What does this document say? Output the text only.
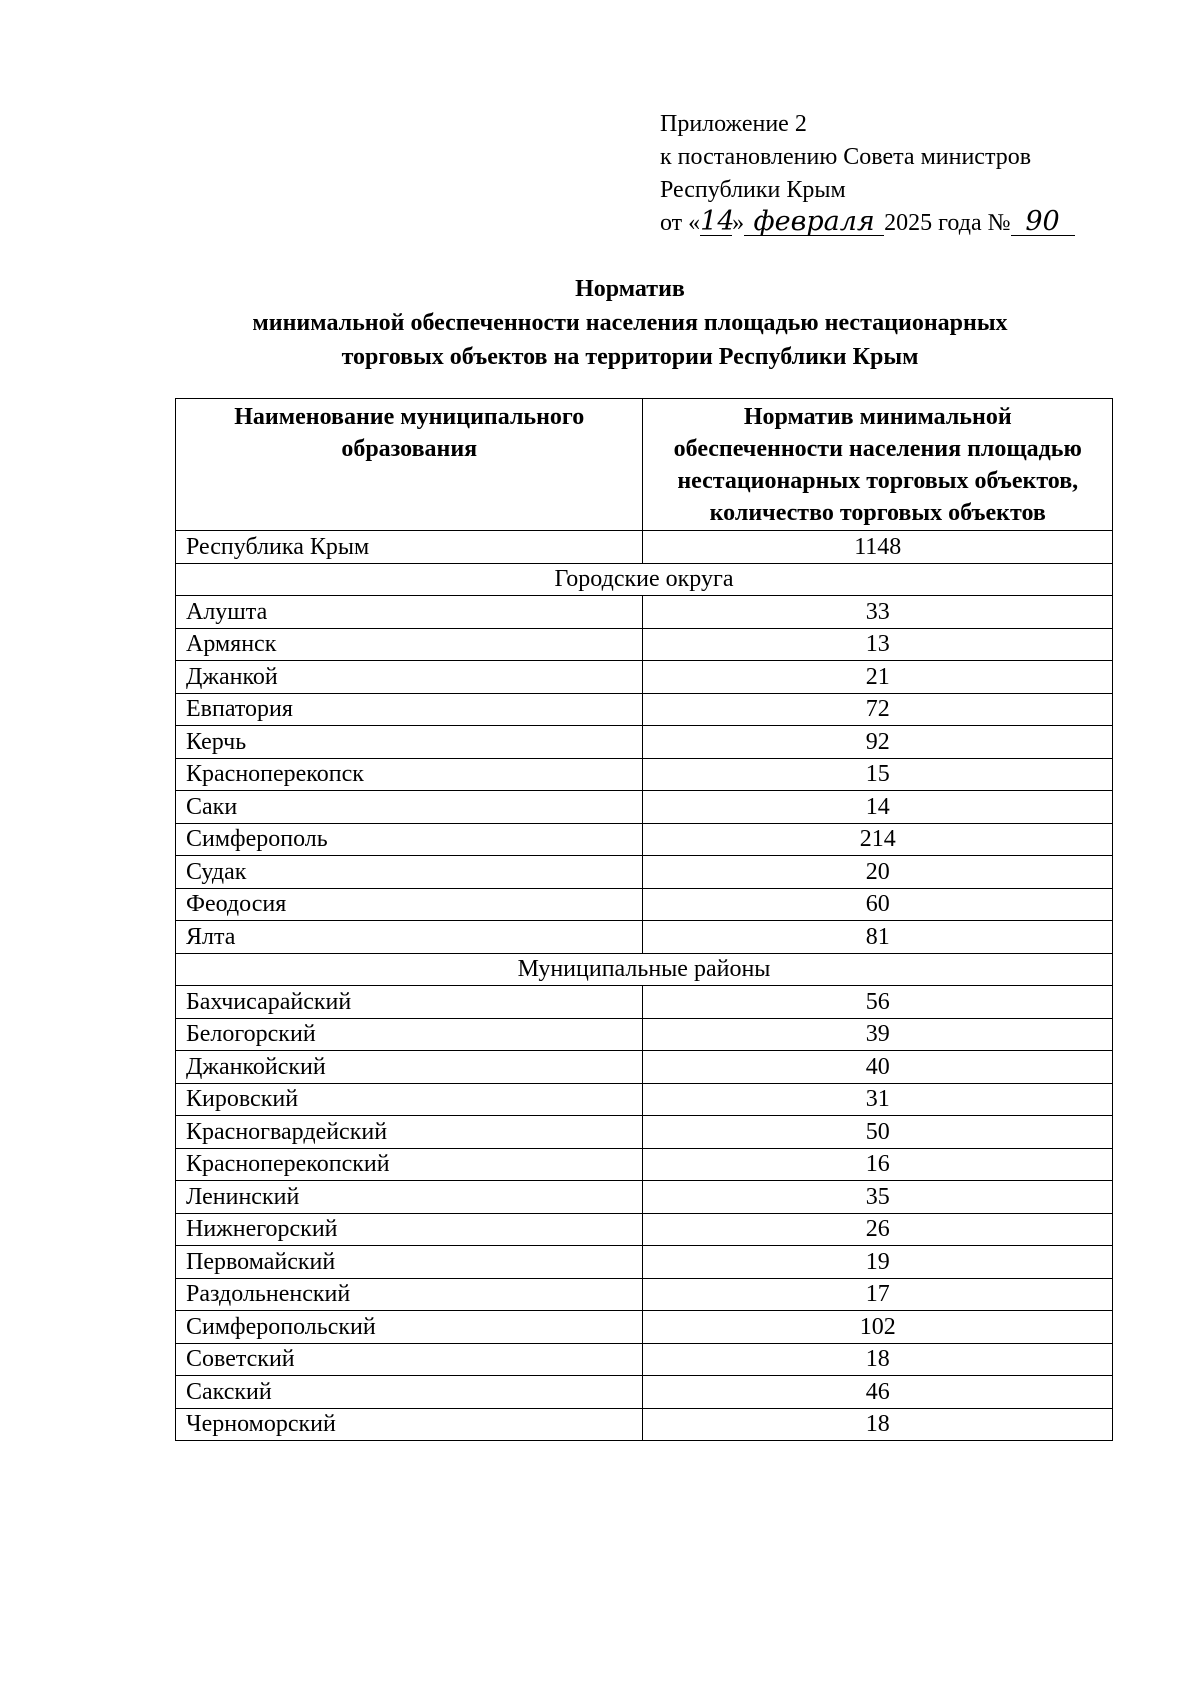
Приложение 2
к постановлению Совета министров
Республики Крым
от «14» февраля 2025 года № 90
Норматив
минимальной обеспеченности населения площадью нестационарных
торговых объектов на территории Республики Крым
Наименование муниципального образования	Норматив минимальной обеспеченности населения площадью нестационарных торговых объектов, количество торговых объектов
Республика Крым	1148
Городские округа	
Алушта	33
Армянск	13
Джанкой	21
Евпатория	72
Керчь	92
Красноперекопск	15
Саки	14
Симферополь	214
Судак	20
Феодосия	60
Ялта	81
Муниципальные районы	
Бахчисарайский	56
Белогорский	39
Джанкойский	40
Кировский	31
Красногвардейский	50
Красноперекопский	16
Ленинский	35
Нижнегорский	26
Первомайский	19
Раздольненский	17
Симферопольский	102
Советский	18
Сакский	46
Черноморский	18
